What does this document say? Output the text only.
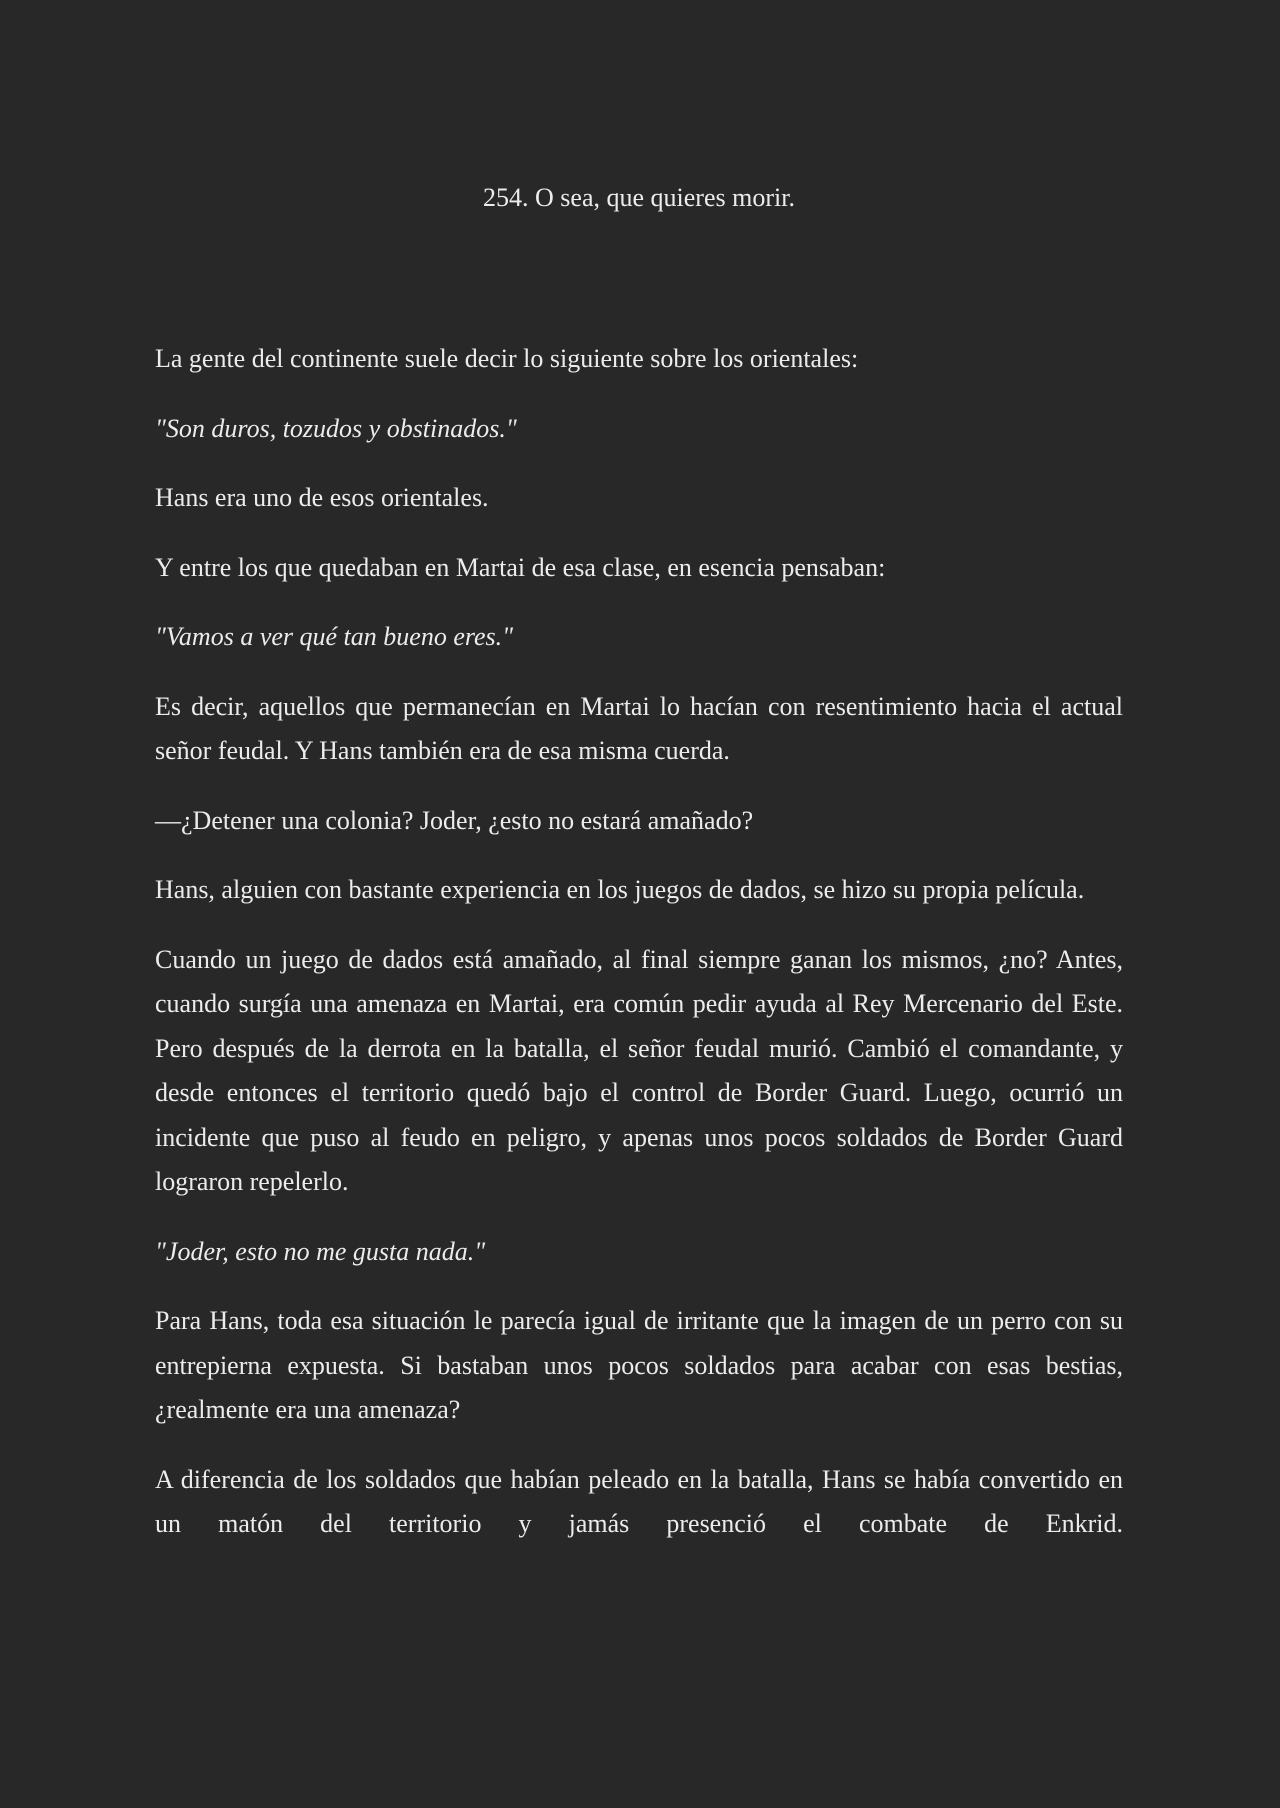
254. O sea, que quieres morir.

La gente del continente suele decir lo siguiente sobre los orientales:

"Son duros, tozudos y obstinados."

Hans era uno de esos orientales.

Y entre los que quedaban en Martai de esa clase, en esencia pensaban:

"Vamos a ver qué tan bueno eres."

Es decir, aquellos que permanecían en Martai lo hacían con resentimiento hacia el actual señor feudal. Y Hans también era de esa misma cuerda.

—¿Detener una colonia? Joder, ¿esto no estará amañado?

Hans, alguien con bastante experiencia en los juegos de dados, se hizo su propia película.

Cuando un juego de dados está amañado, al final siempre ganan los mismos, ¿no? Antes, cuando surgía una amenaza en Martai, era común pedir ayuda al Rey Mercenario del Este. Pero después de la derrota en la batalla, el señor feudal murió. Cambió el comandante, y desde entonces el territorio quedó bajo el control de Border Guard. Luego, ocurrió un incidente que puso al feudo en peligro, y apenas unos pocos soldados de Border Guard lograron repelerlo.

"Joder, esto no me gusta nada."

Para Hans, toda esa situación le parecía igual de irritante que la imagen de un perro con su entrepierna expuesta. Si bastaban unos pocos soldados para acabar con esas bestias, ¿realmente era una amenaza?

A diferencia de los soldados que habían peleado en la batalla, Hans se había convertido en un matón del territorio y jamás presenció el combate de Enkrid.
